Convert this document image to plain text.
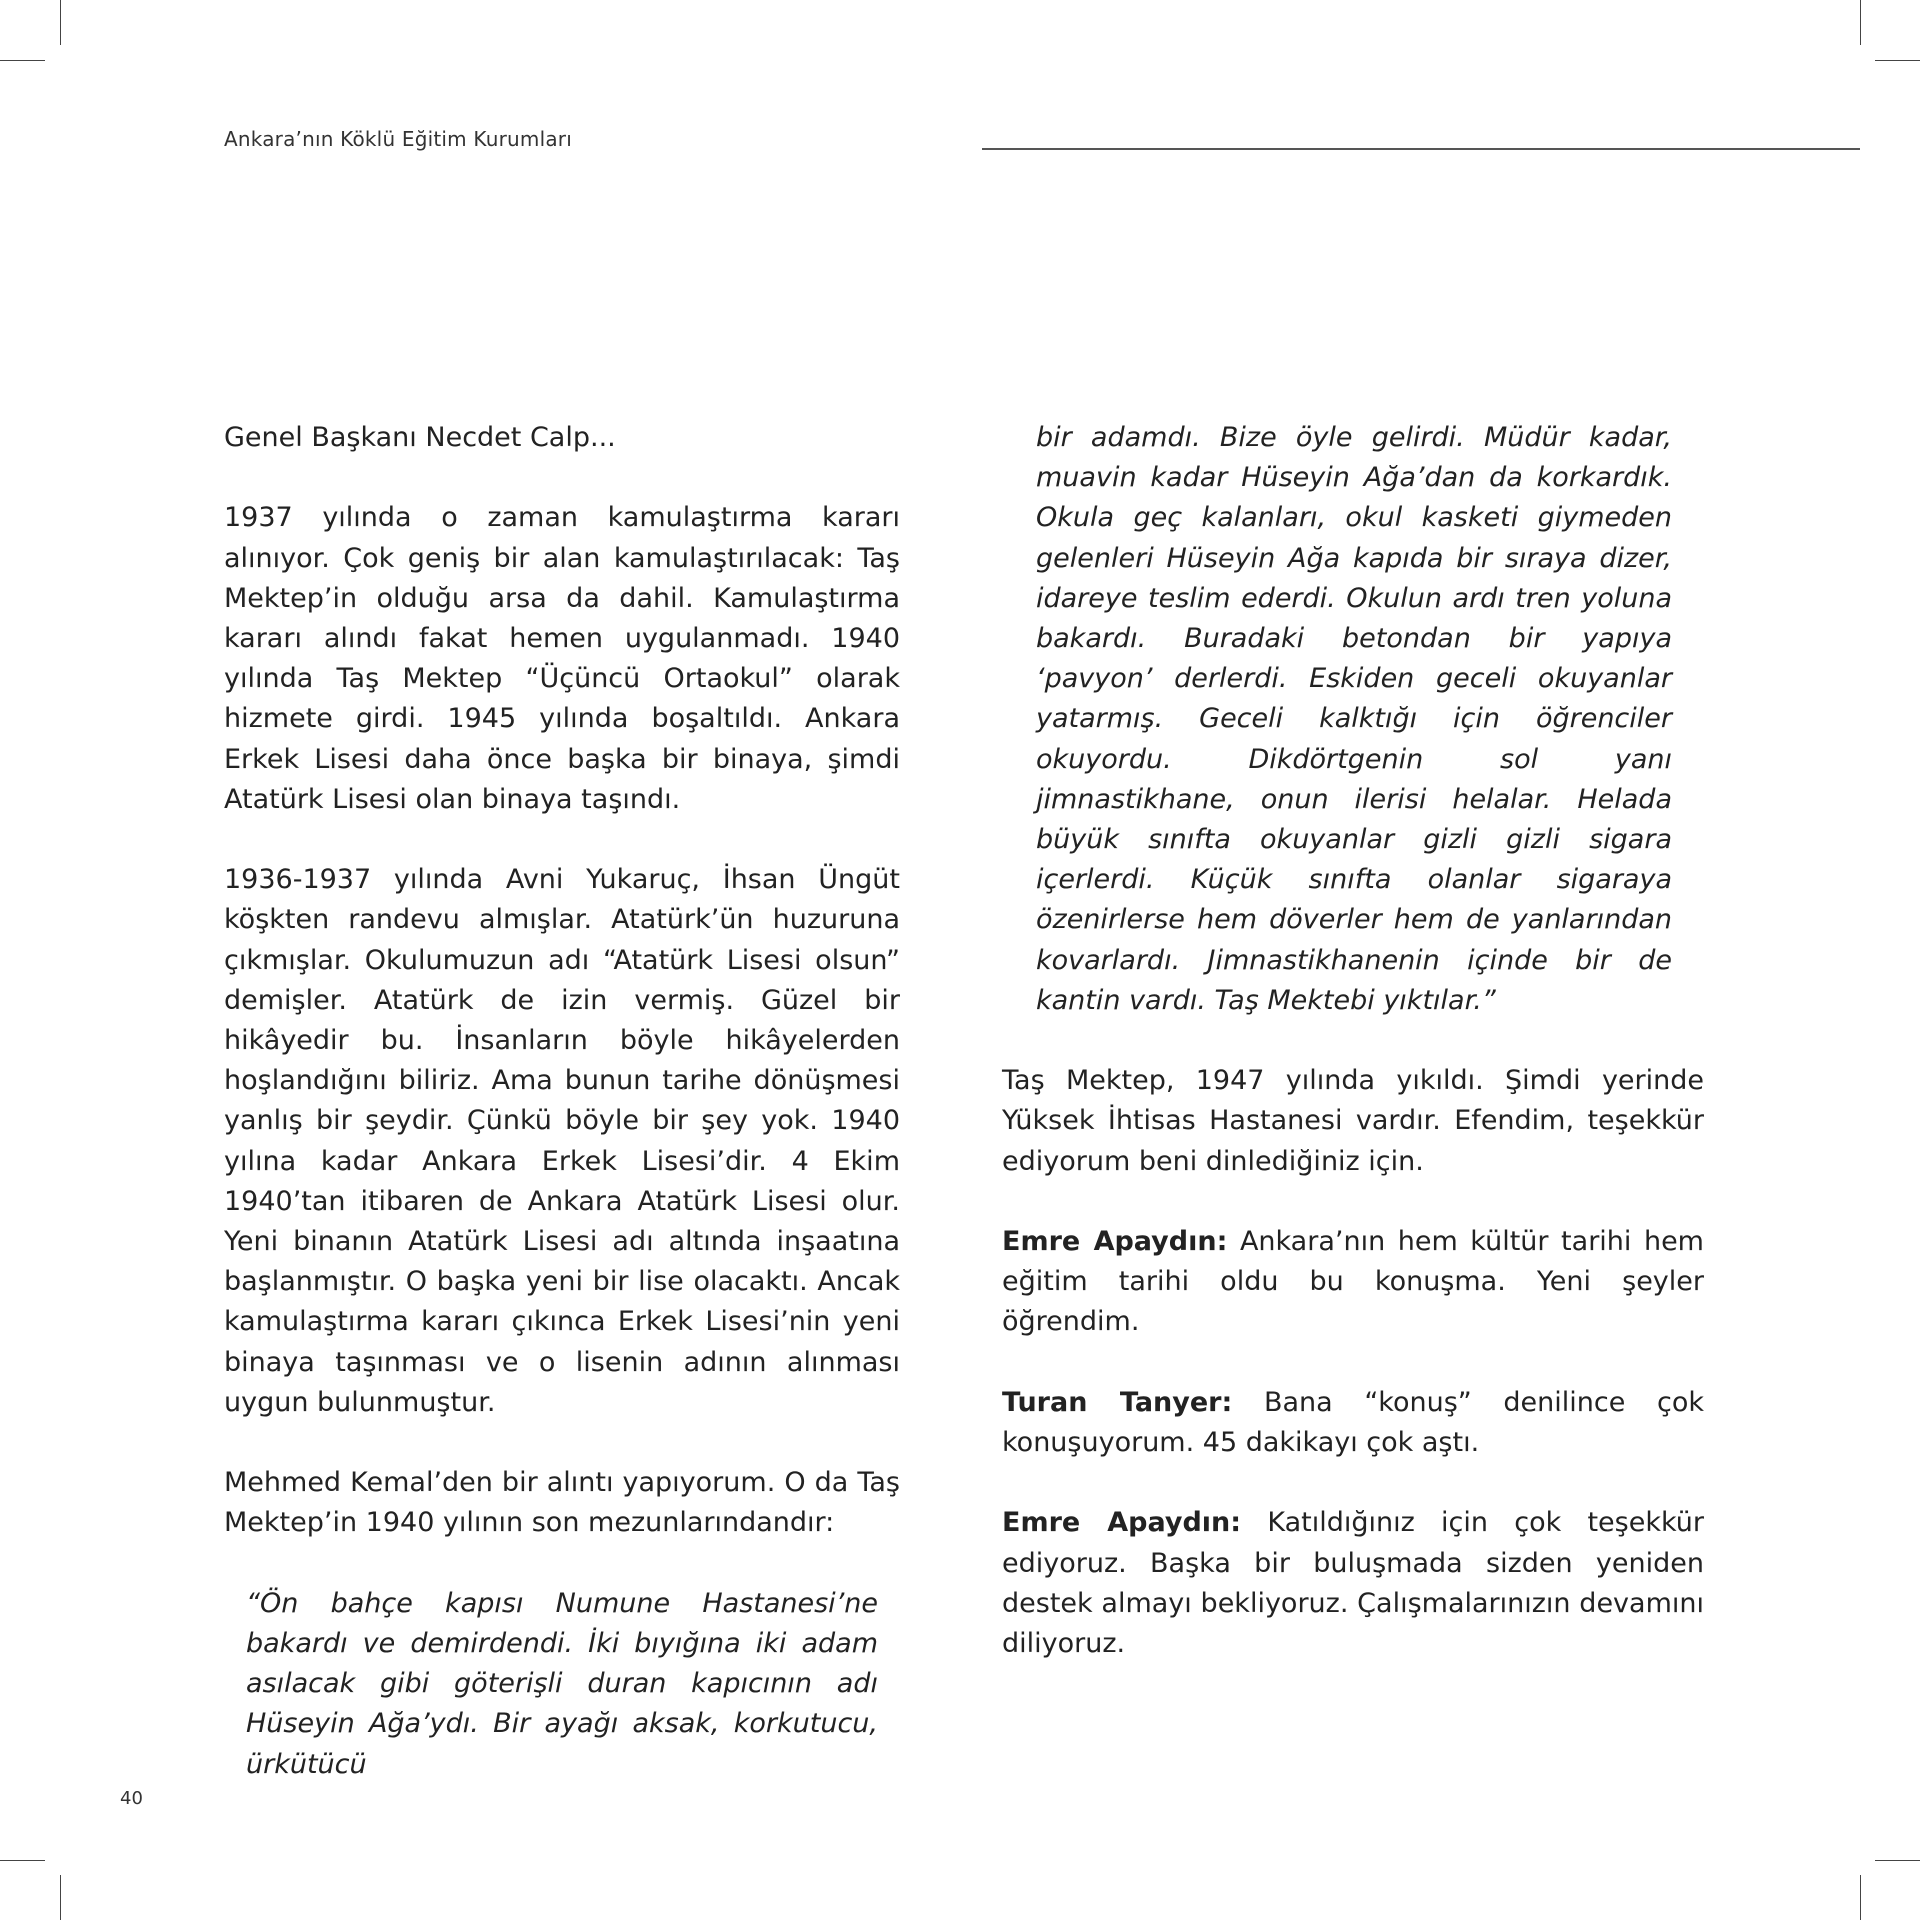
Ankara’nın Köklü Eğitim Kurumları

Genel Başkanı Necdet Calp...

1937 yılında o zaman kamulaştırma kararı alınıyor. Çok geniş bir alan kamulaştırılacak: Taş Mektep’in olduğu arsa da dahil. Kamulaştırma kararı alındı fakat hemen uygulanmadı. 1940 yılında Taş Mektep “Üçüncü Ortaokul” olarak hizmete girdi. 1945 yılında boşaltıldı. Ankara Erkek Lisesi daha önce başka bir binaya, şimdi Atatürk Lisesi olan binaya taşındı.

1936-1937 yılında Avni Yukaruç, İhsan Üngüt köşkten randevu almışlar. Atatürk’ün huzuruna çıkmışlar. Okulumuzun adı “Atatürk Lisesi olsun” demişler. Atatürk de izin vermiş. Güzel bir hikâyedir bu. İnsanların böyle hikâyelerden hoşlandığını biliriz. Ama bunun tarihe dönüşmesi yanlış bir şeydir. Çünkü böyle bir şey yok. 1940 yılına kadar Ankara Erkek Lisesi’dir. 4 Ekim 1940’tan itibaren de Ankara Atatürk Lisesi olur. Yeni binanın Atatürk Lisesi adı altında inşaatına başlanmıştır. O başka yeni bir lise olacaktı. Ancak kamulaştırma kararı çıkınca Erkek Lisesi’nin yeni binaya taşınması ve o lisenin adının alınması uygun bulunmuştur.

Mehmed Kemal’den bir alıntı yapıyorum. O da Taş Mektep’in 1940 yılının son mezunlarındandır:

“Ön bahçe kapısı Numune Hastanesi’ne bakardı ve demirdendi. İki bıyığına iki adam asılacak gibi göterişli duran kapıcının adı Hüseyin Ağa’ydı. Bir ayağı aksak, korkutucu, ürkütücü

bir adamdı. Bize öyle gelirdi. Müdür kadar, muavin kadar Hüseyin Ağa’dan da korkardık. Okula geç kalanları, okul kasketi giymeden gelenleri Hüseyin Ağa kapıda bir sıraya dizer, idareye teslim ederdi. Okulun ardı tren yoluna bakardı. Buradaki betondan bir yapıya ‘pavyon’ derlerdi. Eskiden geceli okuyanlar yatarmış. Geceli kalktığı için öğrenciler okuyordu. Dikdörtgenin sol yanı jimnastikhane, onun ilerisi helalar. Helada büyük sınıfta okuyanlar gizli gizli sigara içerlerdi. Küçük sınıfta olanlar sigaraya özenirlerse hem döverler hem de yanlarından kovarlardı. Jimnastikhanenin içinde bir de kantin vardı. Taş Mektebi yıktılar.”

Taş Mektep, 1947 yılında yıkıldı. Şimdi yerinde Yüksek İhtisas Hastanesi vardır. Efendim, teşekkür ediyorum beni dinlediğiniz için.

Emre Apaydın: Ankara’nın hem kültür tarihi hem eğitim tarihi oldu bu konuşma. Yeni şeyler öğrendim.

Turan Tanyer: Bana “konuş” denilince çok konuşuyorum. 45 dakikayı çok aştı.

Emre Apaydın: Katıldığınız için çok teşekkür ediyoruz. Başka bir buluşmada sizden yeniden destek almayı bekliyoruz. Çalışmalarınızın devamını diliyoruz.

40
